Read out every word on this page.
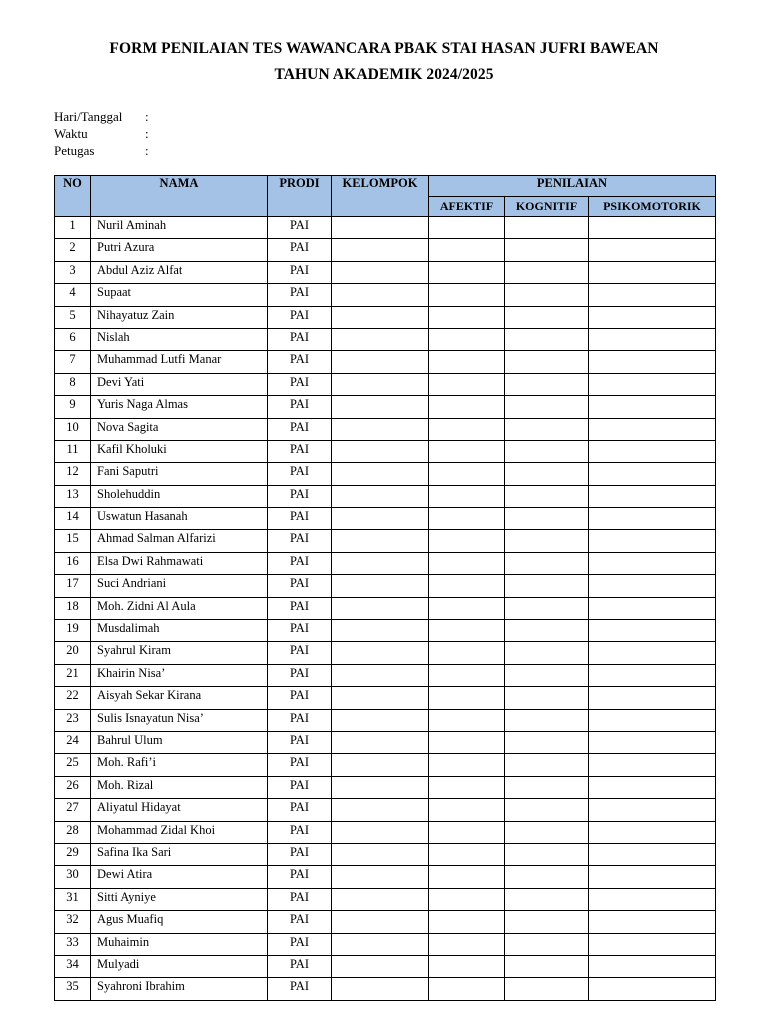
FORM PENILAIAN TES WAWANCARA PBAK STAI HASAN JUFRI BAWEAN
TAHUN AKADEMIK 2024/2025
Hari/Tanggal :
Waktu	:
Petugas	:
NO	NAMA	PRODI	KELOMPOK	PENILAIAN		
				AFEKTIF	KOGNITIF	PSIKOMOTORIK
1	Nuril Aminah	PAI				
2	Putri Azura	PAI				
3	Abdul Aziz Alfat	PAI				
4	Supaat	PAI				
5	Nihayatuz Zain	PAI				
6	Nislah	PAI				
7	Muhammad Lutfi Manar	PAI				
8	Devi Yati	PAI				
9	Yuris Naga Almas	PAI				
10	Nova Sagita	PAI				
11	Kafil Kholuki	PAI				
12	Fani Saputri	PAI				
13	Sholehuddin	PAI				
14	Uswatun Hasanah	PAI				
15	Ahmad Salman Alfarizi	PAI				
16	Elsa Dwi Rahmawati	PAI				
17	Suci Andriani	PAI				
18	Moh. Zidni Al Aula	PAI				
19	Musdalimah	PAI				
20	Syahrul Kiram	PAI				
21	Khairin Nisa’	PAI				
22	Aisyah Sekar Kirana	PAI				
23	Sulis Isnayatun Nisa’	PAI				
24	Bahrul Ulum	PAI				
25	Moh. Rafi’i	PAI				
26	Moh. Rizal	PAI				
27	Aliyatul Hidayat	PAI				
28	Mohammad Zidal Khoi	PAI				
29	Safina Ika Sari	PAI				
30	Dewi Atira	PAI				
31	Sitti Ayniye	PAI				
32	Agus Muafiq	PAI				
33	Muhaimin	PAI				
34	Mulyadi	PAI				
35	Syahroni Ibrahim	PAI				
